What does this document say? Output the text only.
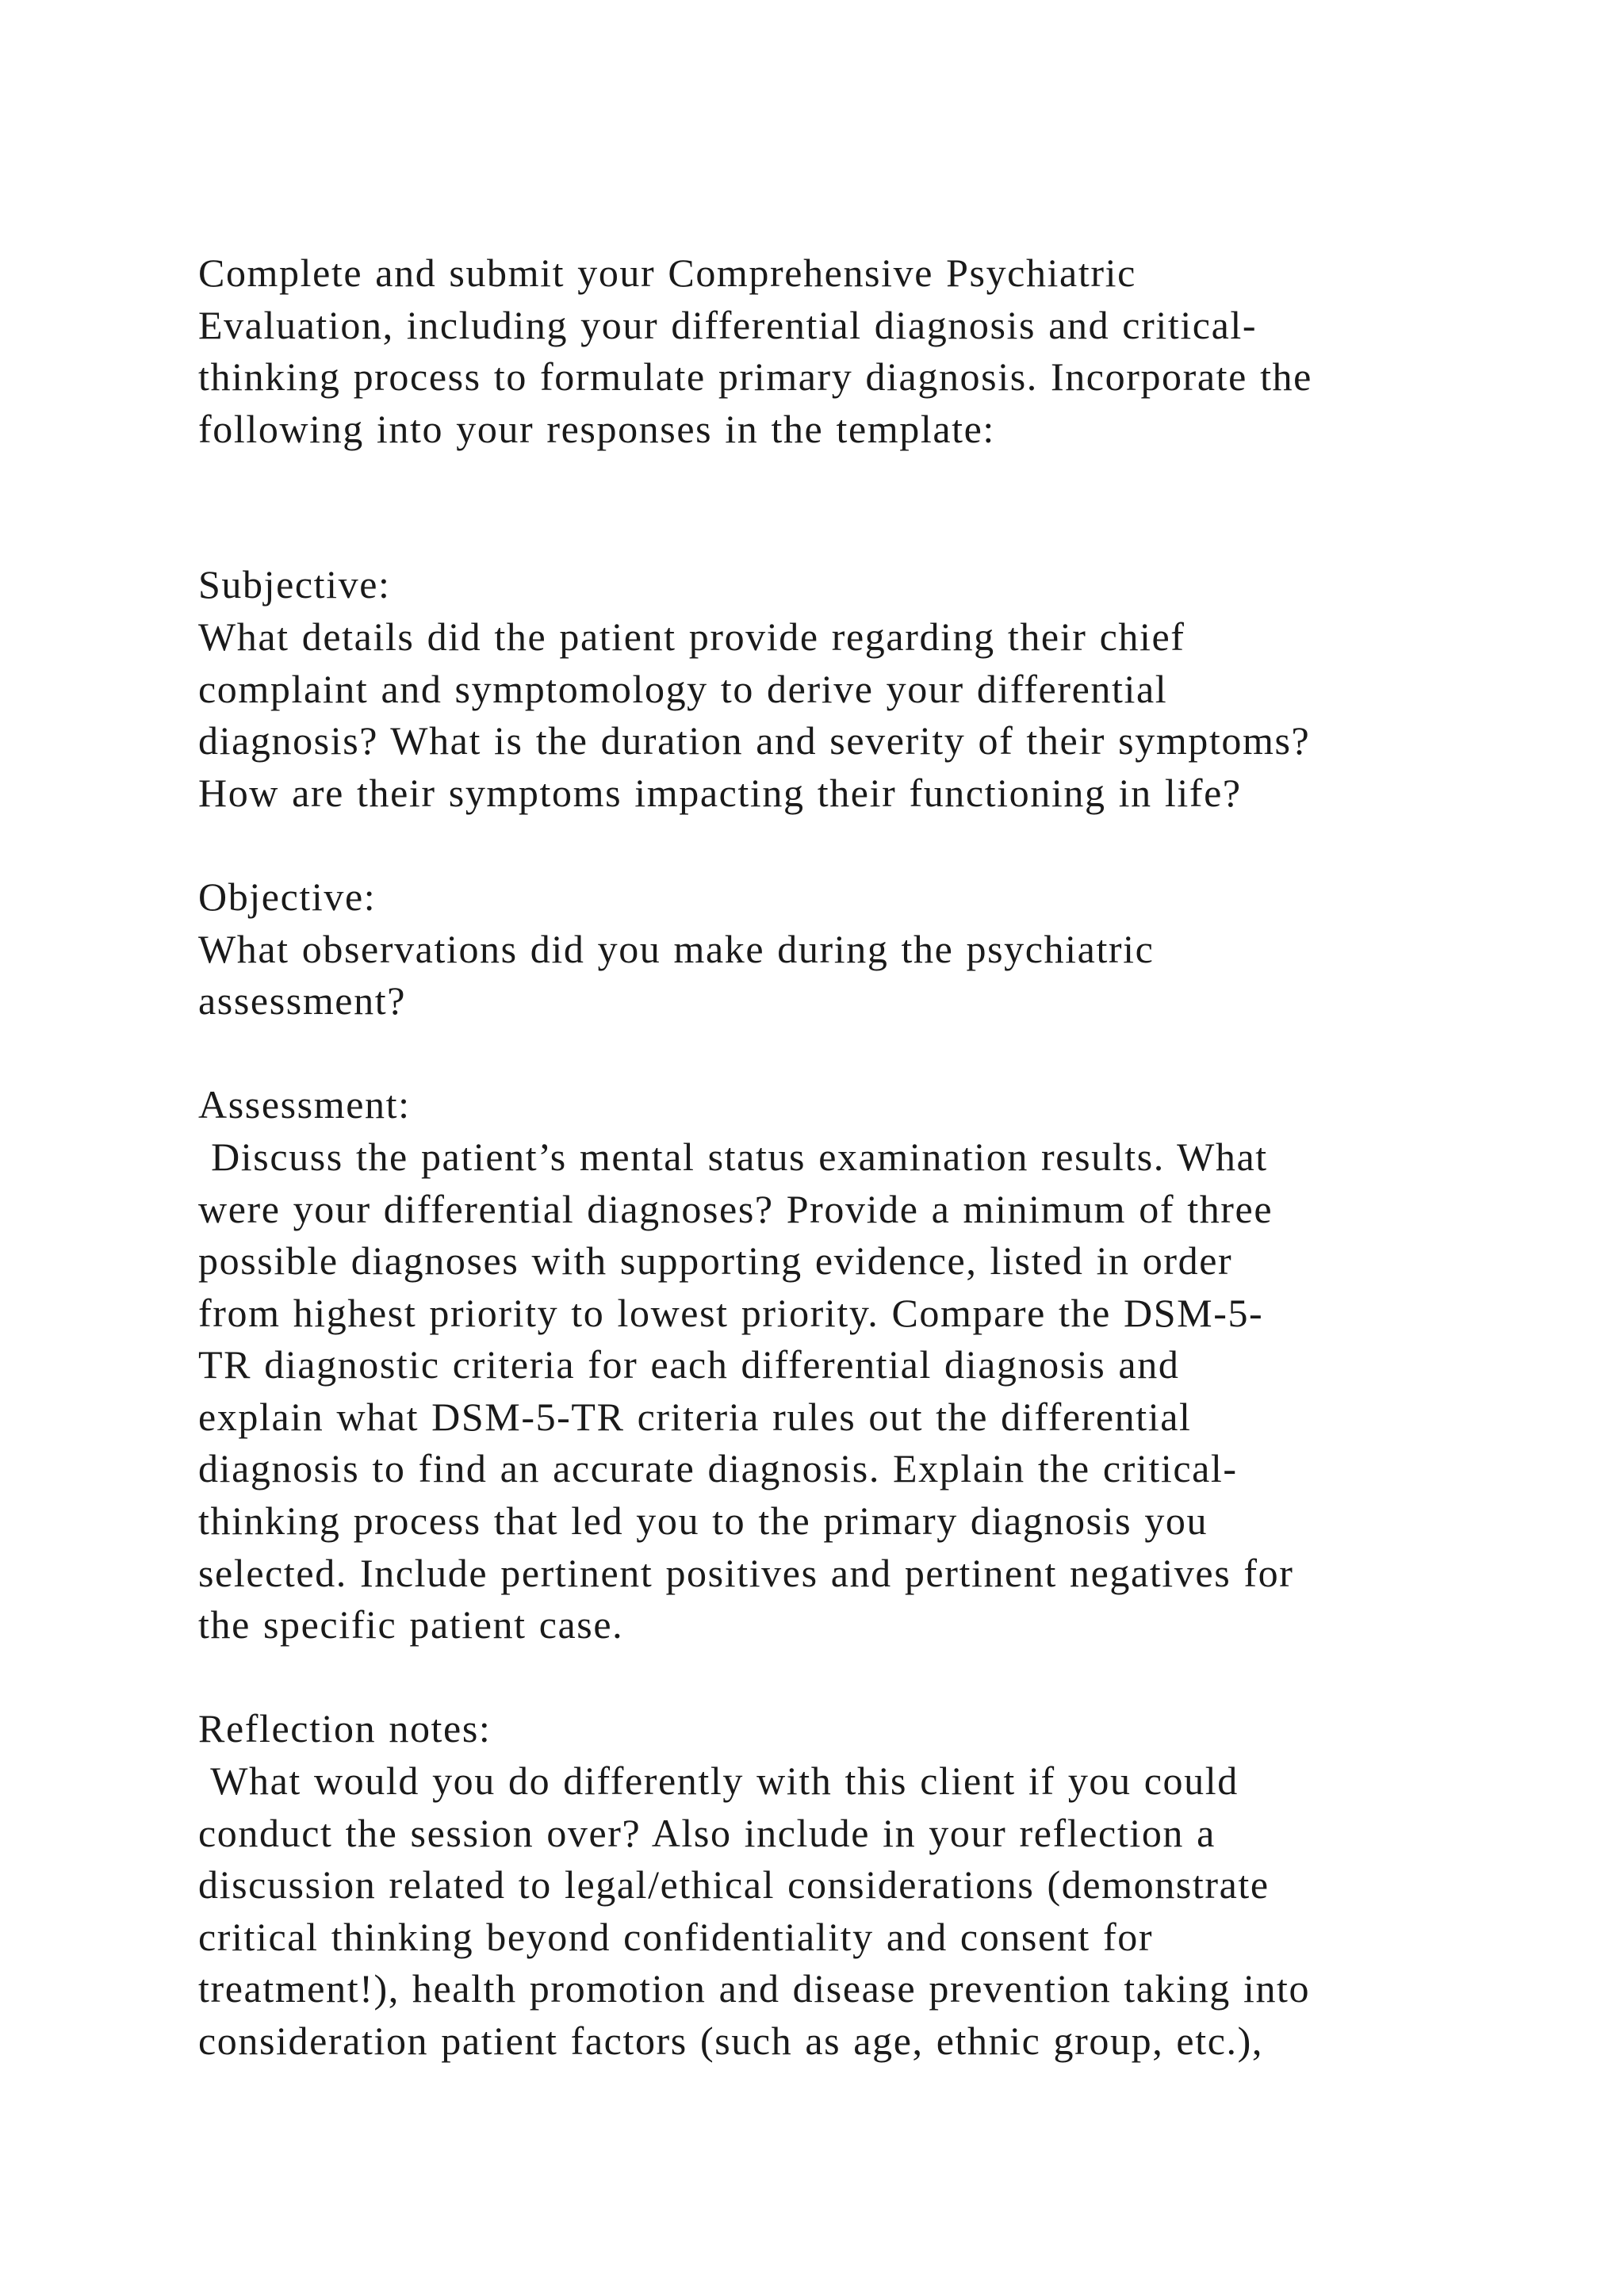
Complete and submit your Comprehensive Psychiatric
Evaluation, including your differential diagnosis and critical-
thinking process to formulate primary diagnosis. Incorporate the
following into your responses in the template:
Subjective:
What details did the patient provide regarding their chief
complaint and symptomology to derive your differential
diagnosis? What is the duration and severity of their symptoms?
How are their symptoms impacting their functioning in life?
Objective:
What observations did you make during the psychiatric
assessment?
Assessment:
Discuss the patient’s mental status examination results. What
were your differential diagnoses? Provide a minimum of three
possible diagnoses with supporting evidence, listed in order
from highest priority to lowest priority. Compare the DSM-5-
TR diagnostic criteria for each differential diagnosis and
explain what DSM-5-TR criteria rules out the differential
diagnosis to find an accurate diagnosis. Explain the critical-
thinking process that led you to the primary diagnosis you
selected. Include pertinent positives and pertinent negatives for
the specific patient case.
Reflection notes:
What would you do differently with this client if you could
conduct the session over? Also include in your reflection a
discussion related to legal/ethical considerations (demonstrate
critical thinking beyond confidentiality and consent for
treatment!), health promotion and disease prevention taking into
consideration patient factors (such as age, ethnic group, etc.),
